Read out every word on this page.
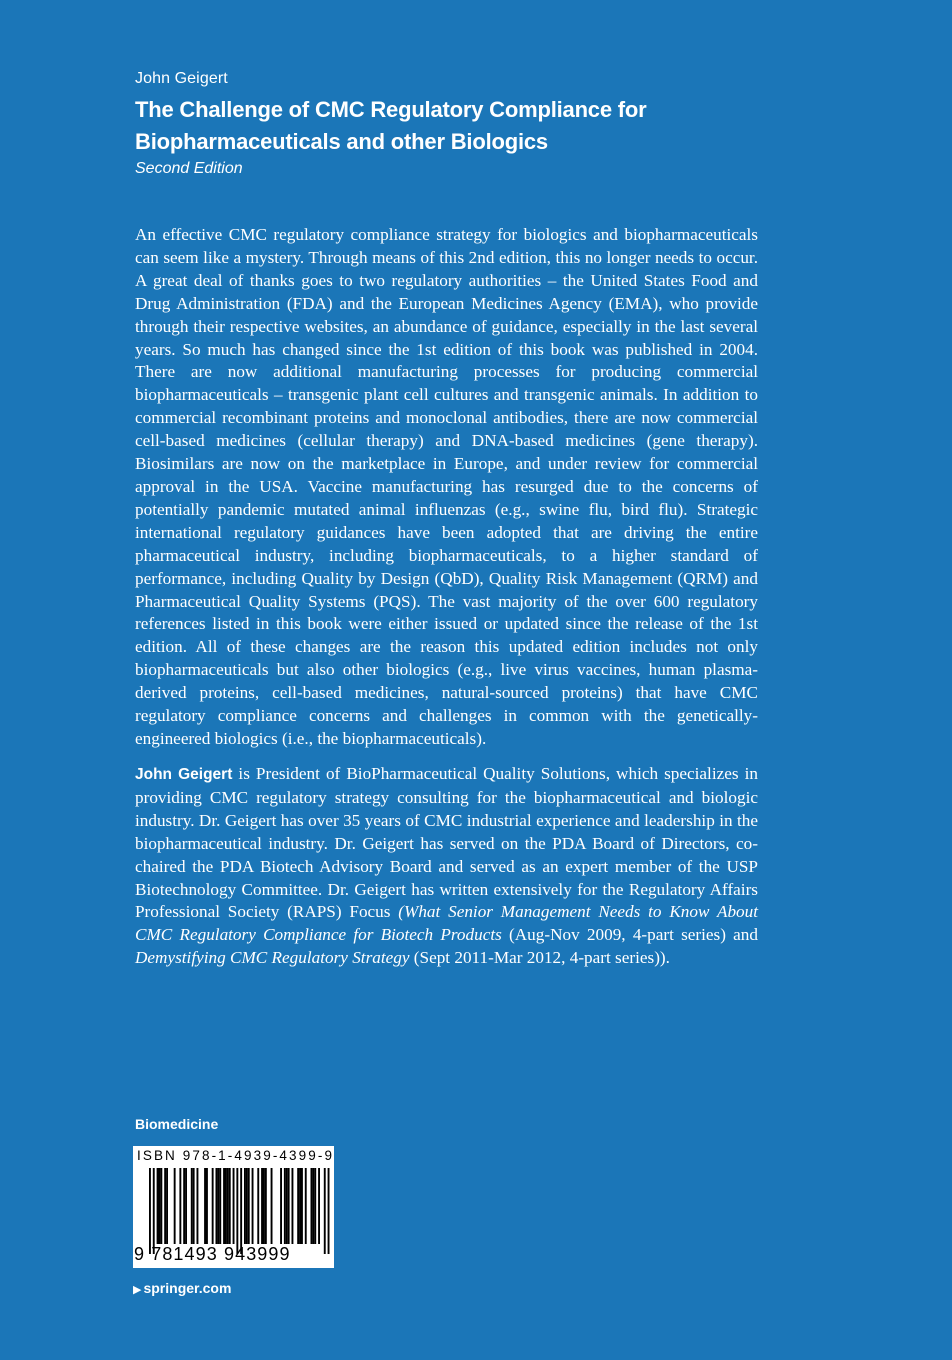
John Geigert
The Challenge of CMC Regulatory Compliance for
Biopharmaceuticals and other Biologics
Second Edition

An effective CMC regulatory compliance strategy for biologics and biopharmaceuticals can seem like a mystery. Through means of this 2nd edition, this no longer needs to occur. A great deal of thanks goes to two regulatory authorities – the United States Food and Drug Administration (FDA) and the European Medicines Agency (EMA), who provide through their respective websites, an abundance of guidance, especially in the last several years. So much has changed since the 1st edition of this book was published in 2004. There are now additional manufacturing processes for producing commercial biopharmaceuticals – transgenic plant cell cultures and transgenic animals. In addition to commercial recombinant proteins and monoclonal antibodies, there are now commercial cell-based medicines (cellular therapy) and DNA-based medicines (gene therapy). Biosimilars are now on the marketplace in Europe, and under review for commercial approval in the USA. Vaccine manufacturing has resurged due to the concerns of potentially pandemic mutated animal influenzas (e.g., swine flu, bird flu). Strategic international regulatory guidances have been adopted that are driving the entire pharmaceutical industry, including biopharmaceuticals, to a higher standard of performance, including Quality by Design (QbD), Quality Risk Management (QRM) and Pharmaceutical Quality Systems (PQS). The vast majority of the over 600 regulatory references listed in this book were either issued or updated since the release of the 1st edition. All of these changes are the reason this updated edition includes not only biopharmaceuticals but also other biologics (e.g., live virus vaccines, human plasma-derived proteins, cell-based medicines, natural-sourced proteins) that have CMC regulatory compliance concerns and challenges in common with the genetically-engineered biologics (i.e., the biopharmaceuticals).

John Geigert is President of BioPharmaceutical Quality Solutions, which specializes in providing CMC regulatory strategy consulting for the biopharmaceutical and biologic industry. Dr. Geigert has over 35 years of CMC industrial experience and leadership in the biopharmaceutical industry. Dr. Geigert has served on the PDA Board of Directors, co-chaired the PDA Biotech Advisory Board and served as an expert member of the USP Biotechnology Committee. Dr. Geigert has written extensively for the Regulatory Affairs Professional Society (RAPS) Focus (What Senior Management Needs to Know About CMC Regulatory Compliance for Biotech Products (Aug-Nov 2009, 4-part series) and Demystifying CMC Regulatory Strategy (Sept 2011-Mar 2012, 4-part series)).

Biomedicine
ISBN 978-1-4939-4399-9
9 781493 943999
▶ springer.com
